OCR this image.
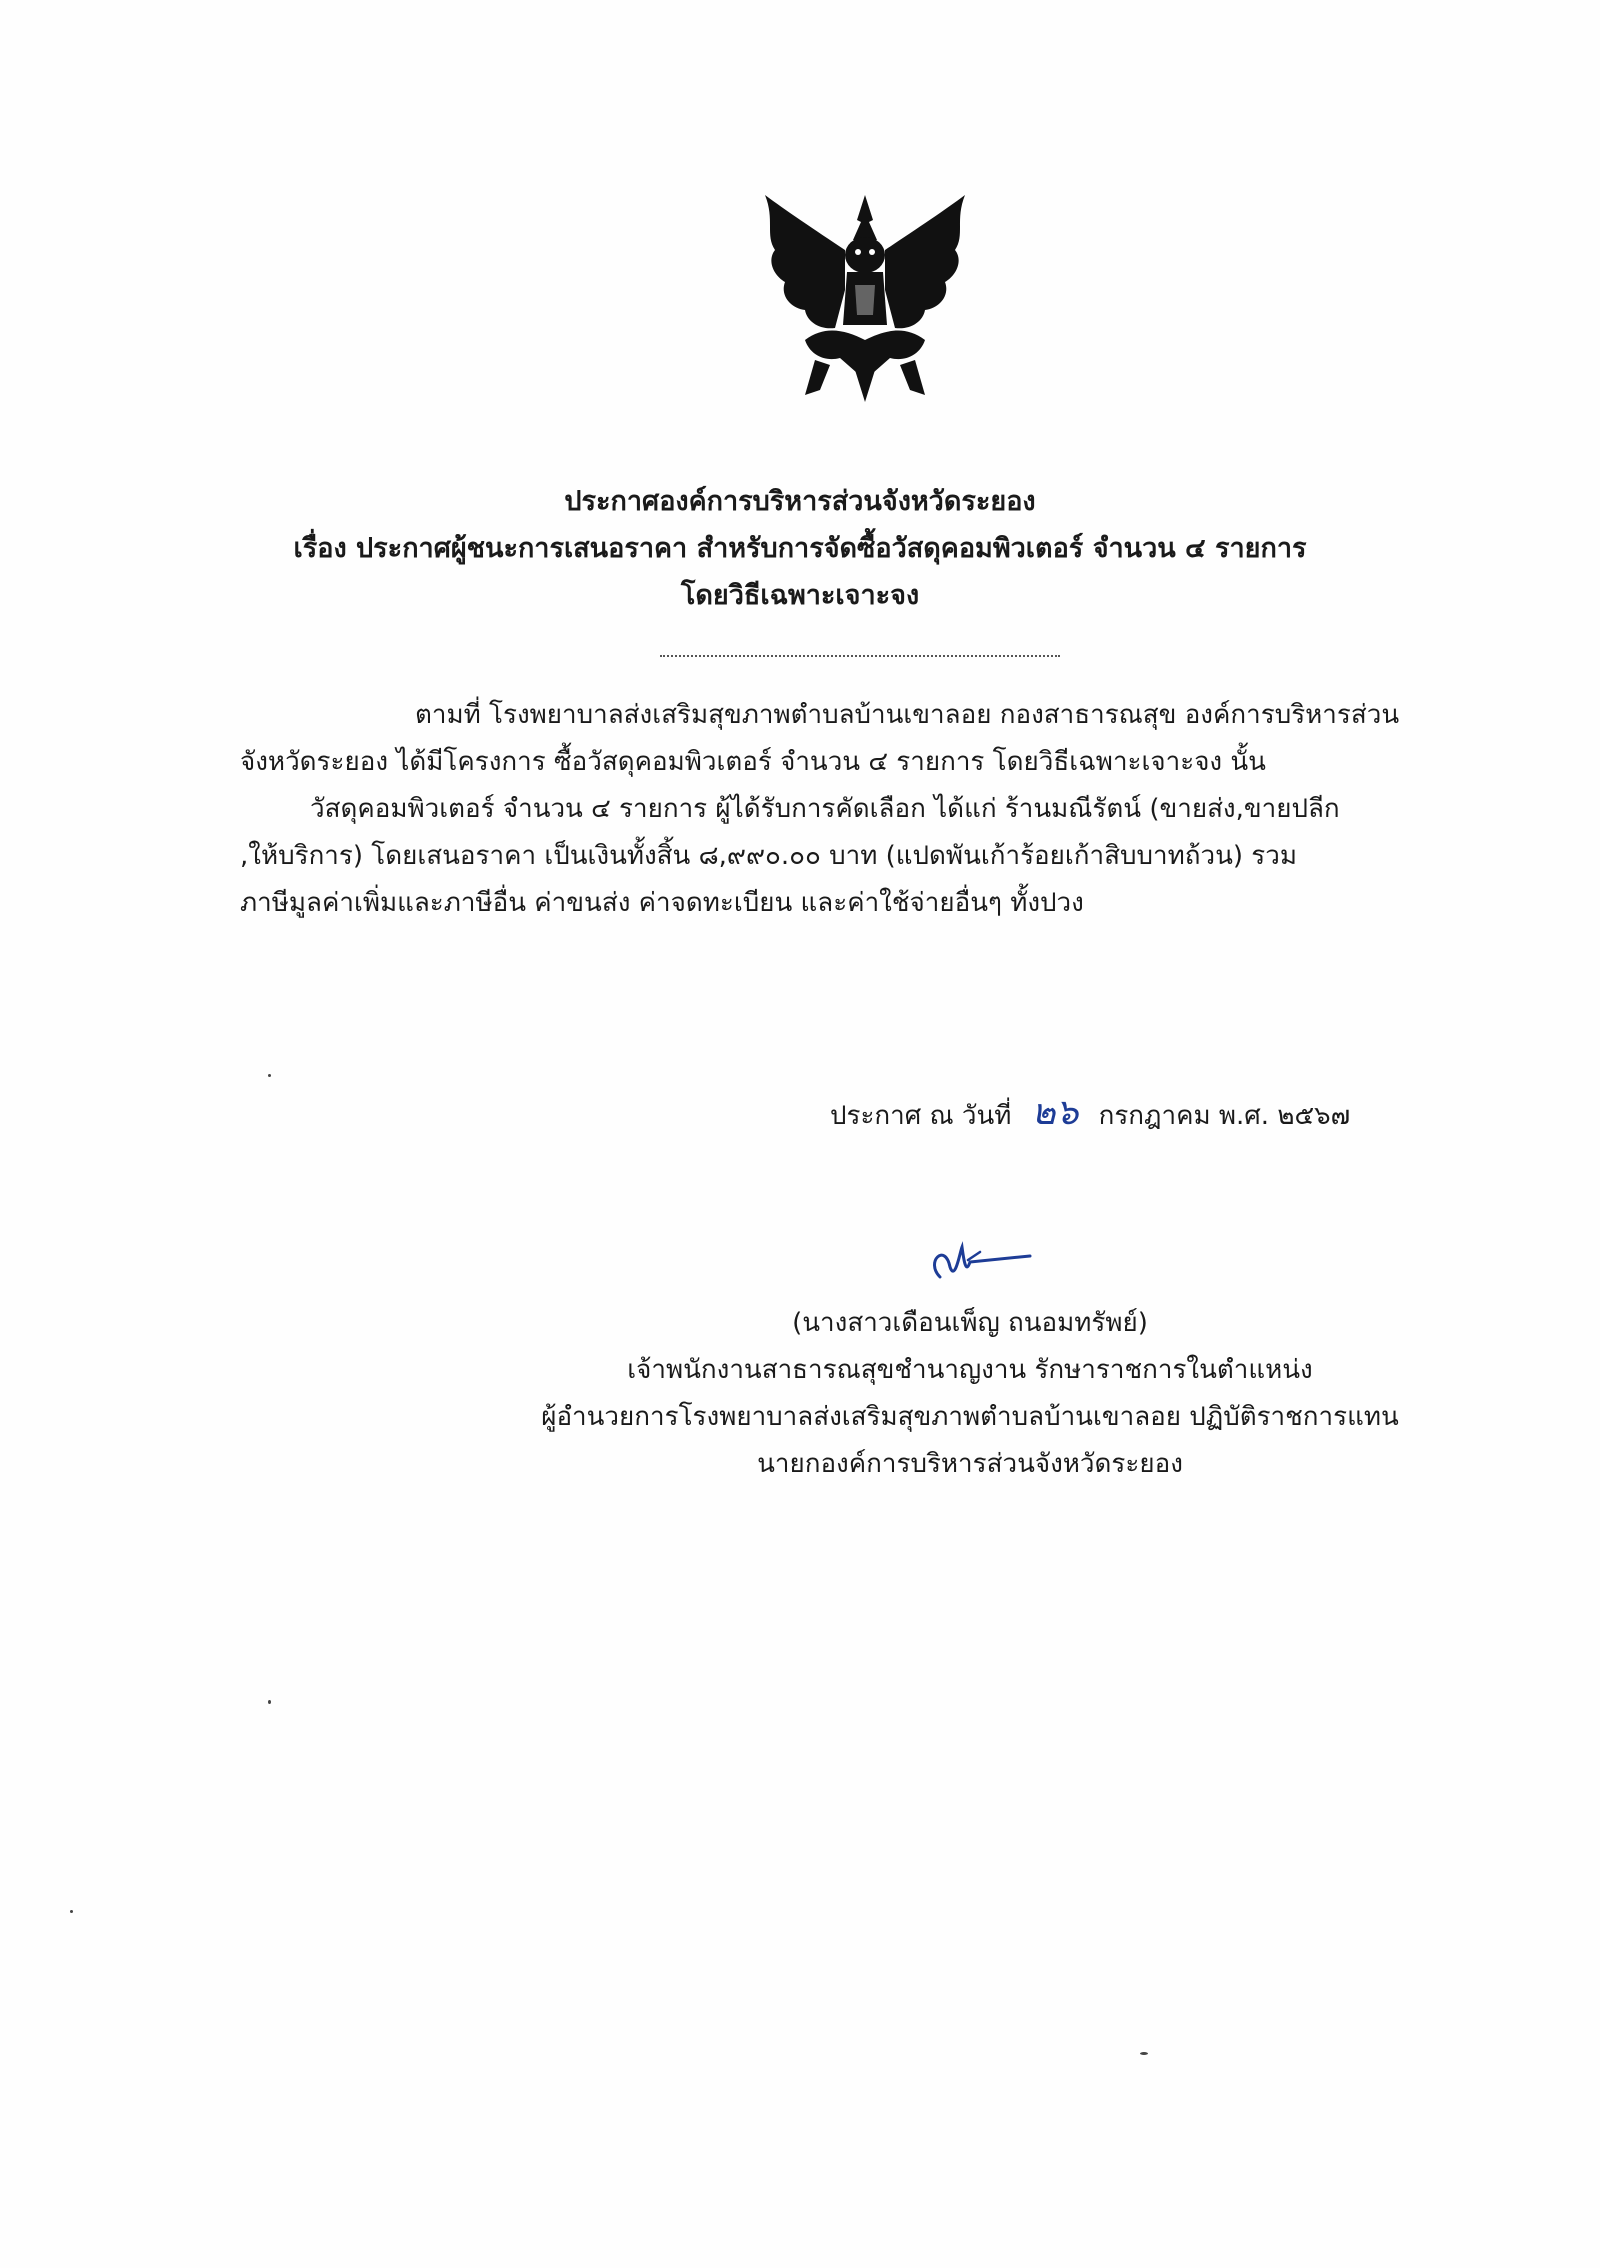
ประกาศองค์การบริหารส่วนจังหวัดระยอง
เรื่อง ประกาศผู้ชนะการเสนอราคา สำหรับการจัดซื้อวัสดุคอมพิวเตอร์ จำนวน ๔ รายการ
โดยวิธีเฉพาะเจาะจง
ตามที่ โรงพยาบาลส่งเสริมสุขภาพตำบลบ้านเขาลอย กองสาธารณสุข องค์การบริหารส่วน
จังหวัดระยอง ได้มีโครงการ ซื้อวัสดุคอมพิวเตอร์ จำนวน ๔ รายการ โดยวิธีเฉพาะเจาะจง นั้น
วัสดุคอมพิวเตอร์ จำนวน ๔ รายการ ผู้ได้รับการคัดเลือก ได้แก่ ร้านมณีรัตน์ (ขายส่ง,ขายปลีก
,ให้บริการ) โดยเสนอราคา เป็นเงินทั้งสิ้น ๘,๙๙๐.๐๐ บาท (แปดพันเก้าร้อยเก้าสิบบาทถ้วน) รวม
ภาษีมูลค่าเพิ่มและภาษีอื่น ค่าขนส่ง ค่าจดทะเบียน และค่าใช้จ่ายอื่นๆ ทั้งปวง
ประกาศ ณ วันที่ ๒๖ กรกฎาคม พ.ศ. ๒๕๖๗
(นางสาวเดือนเพ็ญ ถนอมทรัพย์)
เจ้าพนักงานสาธารณสุขชำนาญงาน รักษาราชการในตำแหน่ง
ผู้อำนวยการโรงพยาบาลส่งเสริมสุขภาพตำบลบ้านเขาลอย ปฏิบัติราชการแทน
นายกองค์การบริหารส่วนจังหวัดระยอง
